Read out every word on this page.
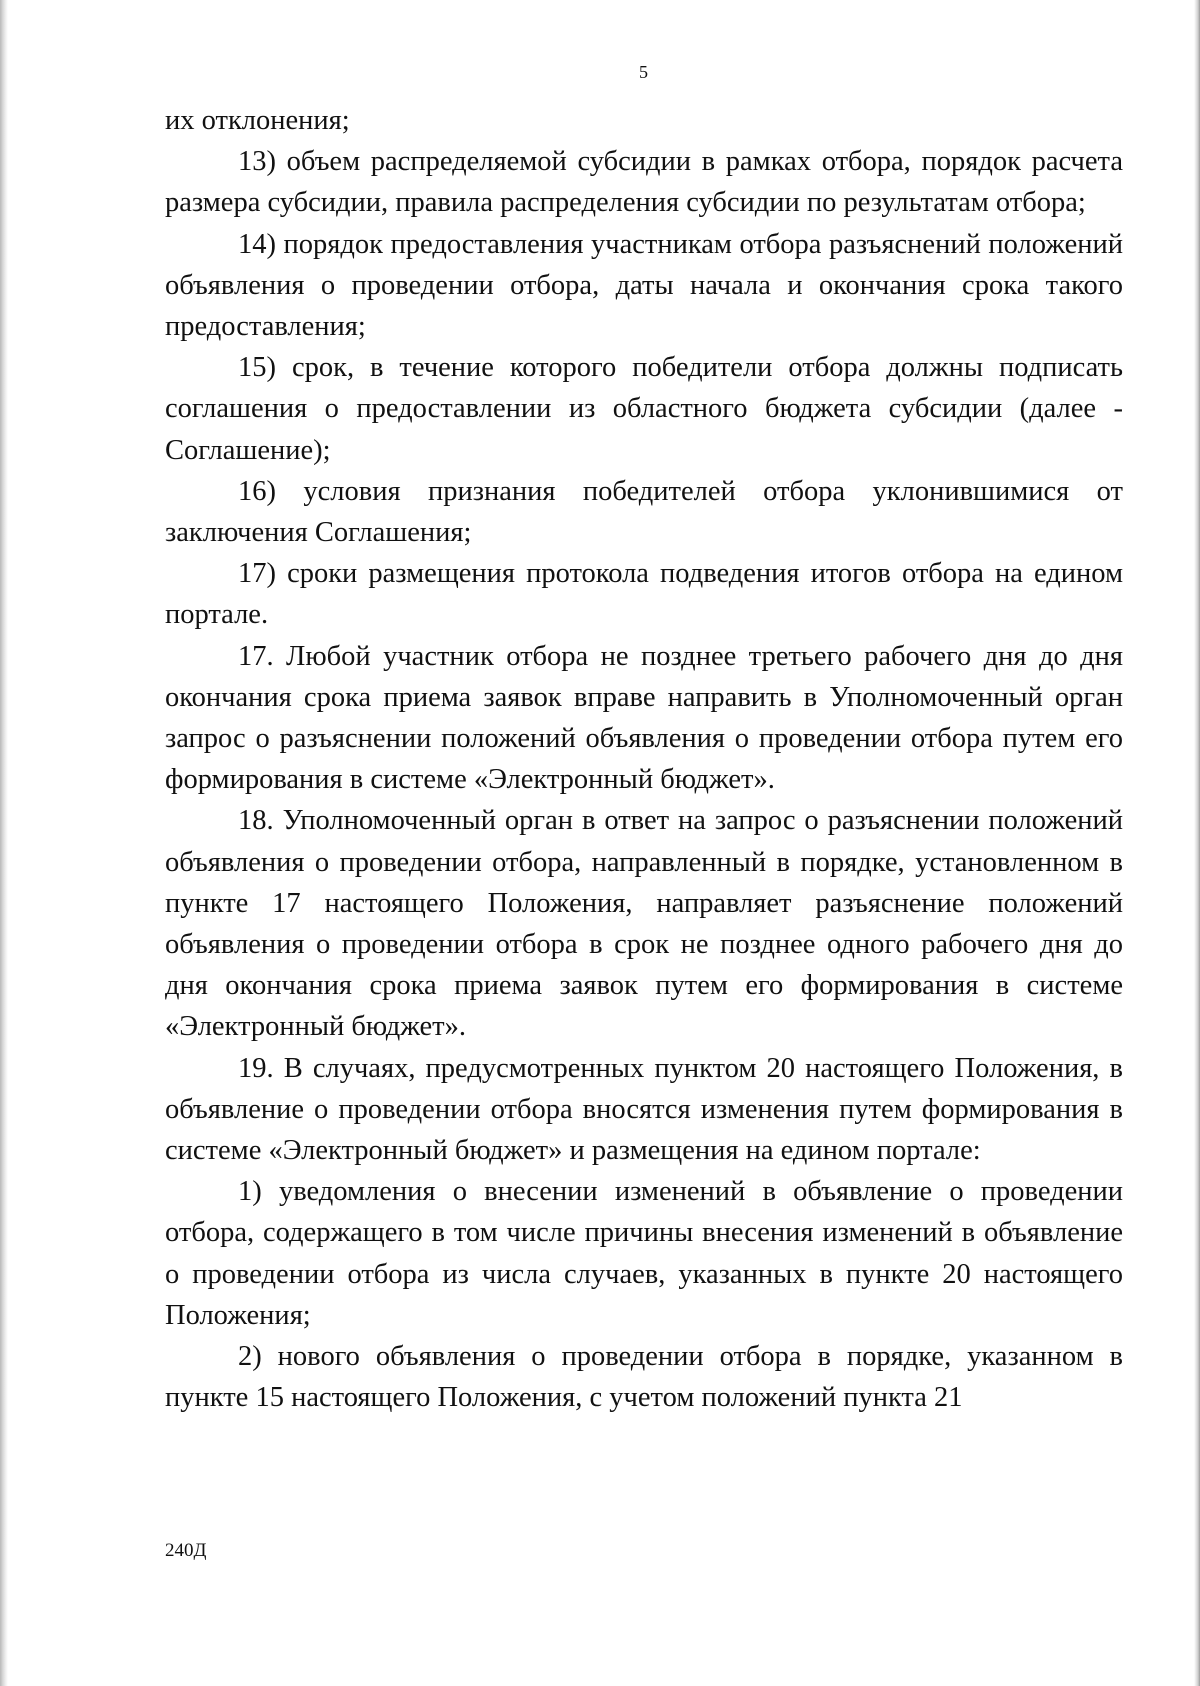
5

их отклонения;

13) объем распределяемой субсидии в рамках отбора, порядок расчета размера субсидии, правила распределения субсидии по результатам отбора;

14) порядок предоставления участникам отбора разъяснений положений объявления о проведении отбора, даты начала и окончания срока такого предоставления;

15) срок, в течение которого победители отбора должны подписать соглашения о предоставлении из областного бюджета субсидии (далее - Соглашение);

16) условия признания победителей отбора уклонившимися от заключения Соглашения;

17) сроки размещения протокола подведения итогов отбора на едином портале.

17. Любой участник отбора не позднее третьего рабочего дня до дня окончания срока приема заявок вправе направить в Уполномоченный орган запрос о разъяснении положений объявления о проведении отбора путем его формирования в системе «Электронный бюджет».

18. Уполномоченный орган в ответ на запрос о разъяснении положений объявления о проведении отбора, направленный в порядке, установленном в пункте 17 настоящего Положения, направляет разъяснение положений объявления о проведении отбора в срок не позднее одного рабочего дня до дня окончания срока приема заявок путем его формирования в системе «Электронный бюджет».

19. В случаях, предусмотренных пунктом 20 настоящего Положения, в объявление о проведении отбора вносятся изменения путем формирования в системе «Электронный бюджет» и размещения на едином портале:

1) уведомления о внесении изменений в объявление о проведении отбора, содержащего в том числе причины внесения изменений в объявление о проведении отбора из числа случаев, указанных в пункте 20 настоящего Положения;

2) нового объявления о проведении отбора в порядке, указанном в пункте 15 настоящего Положения, с учетом положений пункта 21

240Д
